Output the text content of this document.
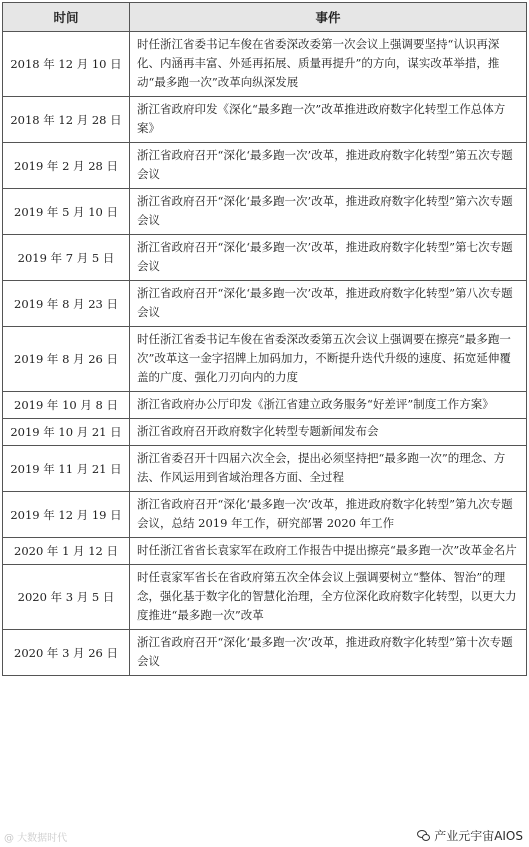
时间	事件
2018 年 12 月 10 日	时任浙江省委书记车俊在省委深改委第一次会议上强调要坚持“认识再深化、内涵再丰富、外延再拓展、质量再提升”的方向，谋实改革举措，推动“最多跑一次”改革向纵深发展
2018 年 12 月 28 日	浙江省政府印发《深化“最多跑一次”改革推进政府数字化转型工作总体方案》
2019 年 2 月 28 日	浙江省政府召开“深化‘最多跑一次’改革，推进政府数字化转型”第五次专题会议
2019 年 5 月 10 日	浙江省政府召开“深化‘最多跑一次’改革，推进政府数字化转型”第六次专题会议
2019 年 7 月 5 日	浙江省政府召开“深化‘最多跑一次’改革，推进政府数字化转型”第七次专题会议
2019 年 8 月 23 日	浙江省政府召开“深化‘最多跑一次’改革，推进政府数字化转型”第八次专题会议
2019 年 8 月 26 日	时任浙江省委书记车俊在省委深改委第五次会议上强调要在擦亮“最多跑一次”改革这一金字招牌上加码加力，不断提升迭代升级的速度、拓宽延伸覆盖的广度、强化刀刃向内的力度
2019 年 10 月 8 日	浙江省政府办公厅印发《浙江省建立政务服务“好差评”制度工作方案》
2019 年 10 月 21 日	浙江省政府召开政府数字化转型专题新闻发布会
2019 年 11 月 21 日	浙江省委召开十四届六次全会，提出必须坚持把“最多跑一次”的理念、方法、作风运用到省域治理各方面、全过程
2019 年 12 月 19 日	浙江省政府召开“深化‘最多跑一次’改革，推进政府数字化转型”第九次专题会议，总结 2019 年工作，研究部署 2020 年工作
2020 年 1 月 12 日	时任浙江省省长袁家军在政府工作报告中提出擦亮“最多跑一次”改革金名片
2020 年 3 月 5 日	时任袁家军省长在省政府第五次全体会议上强调要树立“整体、智治”的理念，强化基于数字化的智慧化治理，全方位深化政府数字化转型，以更大力度推进“最多跑一次”改革
2020 年 3 月 26 日	浙江省政府召开“深化‘最多跑一次’改革，推进政府数字化转型”第十次专题会议
@ 大数据时代	产业元宇宙AIOS
